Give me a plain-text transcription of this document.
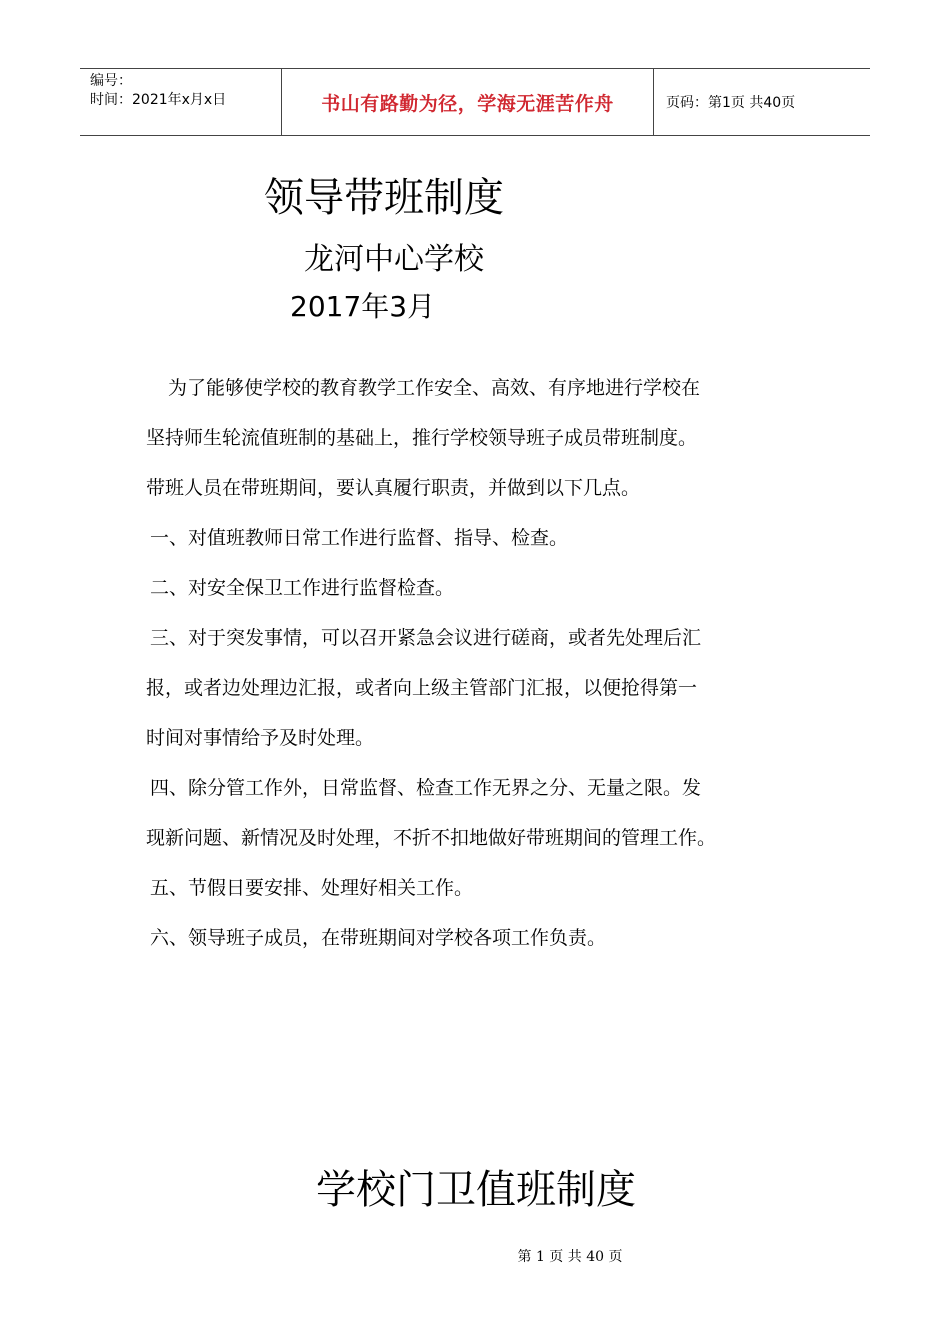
编号：
时间：2021年x月x日	书山有路勤为径，学海无涯苦作舟	页码：第1页 共40页
领导带班制度
龙河中心学校
2017年3月

为了能够使学校的教育教学工作安全、高效、有序地进行学校在

坚持师生轮流值班制的基础上，推行学校领导班子成员带班制度。

带班人员在带班期间，要认真履行职责，并做到以下几点。

一、对值班教师日常工作进行监督、指导、检查。

二、对安全保卫工作进行监督检查。

三、对于突发事情，可以召开紧急会议进行磋商，或者先处理后汇

报，或者边处理边汇报，或者向上级主管部门汇报，以便抢得第一

时间对事情给予及时处理。

四、除分管工作外，日常监督、检查工作无界之分、无量之限。发

现新问题、新情况及时处理，不折不扣地做好带班期间的管理工作。

五、节假日要安排、处理好相关工作。

六、领导班子成员，在带班期间对学校各项工作负责。

学校门卫值班制度
第 1 页 共 40 页
